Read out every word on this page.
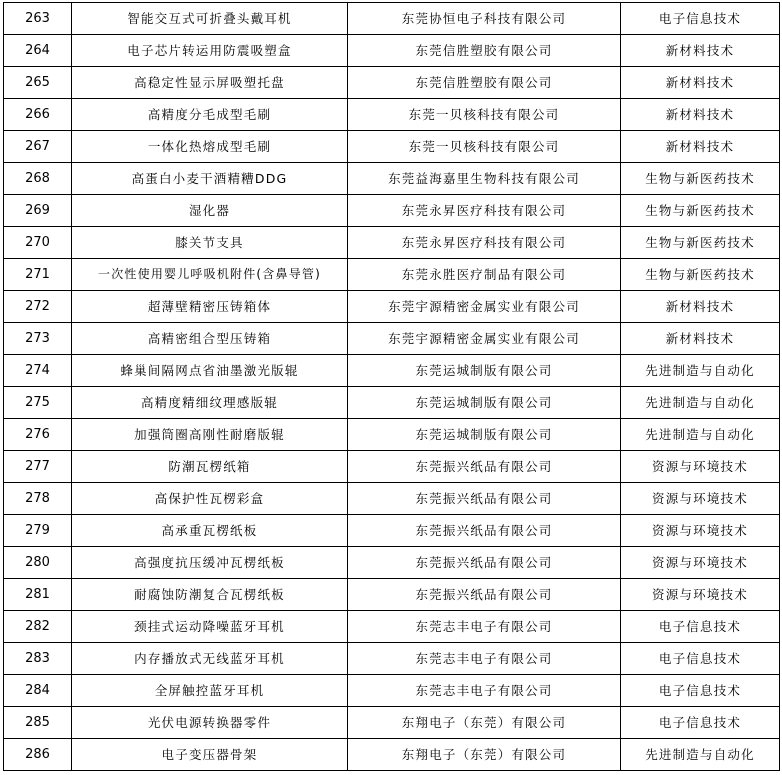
263	智能交互式可折叠头戴耳机	东莞协恒电子科技有限公司	电子信息技术
264	电子芯片转运用防震吸塑盒	东莞信胜塑胶有限公司	新材料技术
265	高稳定性显示屏吸塑托盘	东莞信胜塑胶有限公司	新材料技术
266	高精度分毛成型毛刷	东莞一贝核科技有限公司	新材料技术
267	一体化热熔成型毛刷	东莞一贝核科技有限公司	新材料技术
268	高蛋白小麦干酒精糟DDG	东莞益海嘉里生物科技有限公司	生物与新医药技术
269	湿化器	东莞永昇医疗科技有限公司	生物与新医药技术
270	膝关节支具	东莞永昇医疗科技有限公司	生物与新医药技术
271	一次性使用婴儿呼吸机附件(含鼻导管)	东莞永胜医疗制品有限公司	生物与新医药技术
272	超薄壁精密压铸箱体	东莞宇源精密金属实业有限公司	新材料技术
273	高精密组合型压铸箱	东莞宇源精密金属实业有限公司	新材料技术
274	蜂巢间隔网点省油墨激光版辊	东莞运城制版有限公司	先进制造与自动化
275	高精度精细纹理感版辊	东莞运城制版有限公司	先进制造与自动化
276	加强筒圈高刚性耐磨版辊	东莞运城制版有限公司	先进制造与自动化
277	防潮瓦楞纸箱	东莞振兴纸品有限公司	资源与环境技术
278	高保护性瓦楞彩盒	东莞振兴纸品有限公司	资源与环境技术
279	高承重瓦楞纸板	东莞振兴纸品有限公司	资源与环境技术
280	高强度抗压缓冲瓦楞纸板	东莞振兴纸品有限公司	资源与环境技术
281	耐腐蚀防潮复合瓦楞纸板	东莞振兴纸品有限公司	资源与环境技术
282	颈挂式运动降噪蓝牙耳机	东莞志丰电子有限公司	电子信息技术
283	内存播放式无线蓝牙耳机	东莞志丰电子有限公司	电子信息技术
284	全屏触控蓝牙耳机	东莞志丰电子有限公司	电子信息技术
285	光伏电源转换器零件	东翔电子（东莞）有限公司	电子信息技术
286	电子变压器骨架	东翔电子（东莞）有限公司	先进制造与自动化
